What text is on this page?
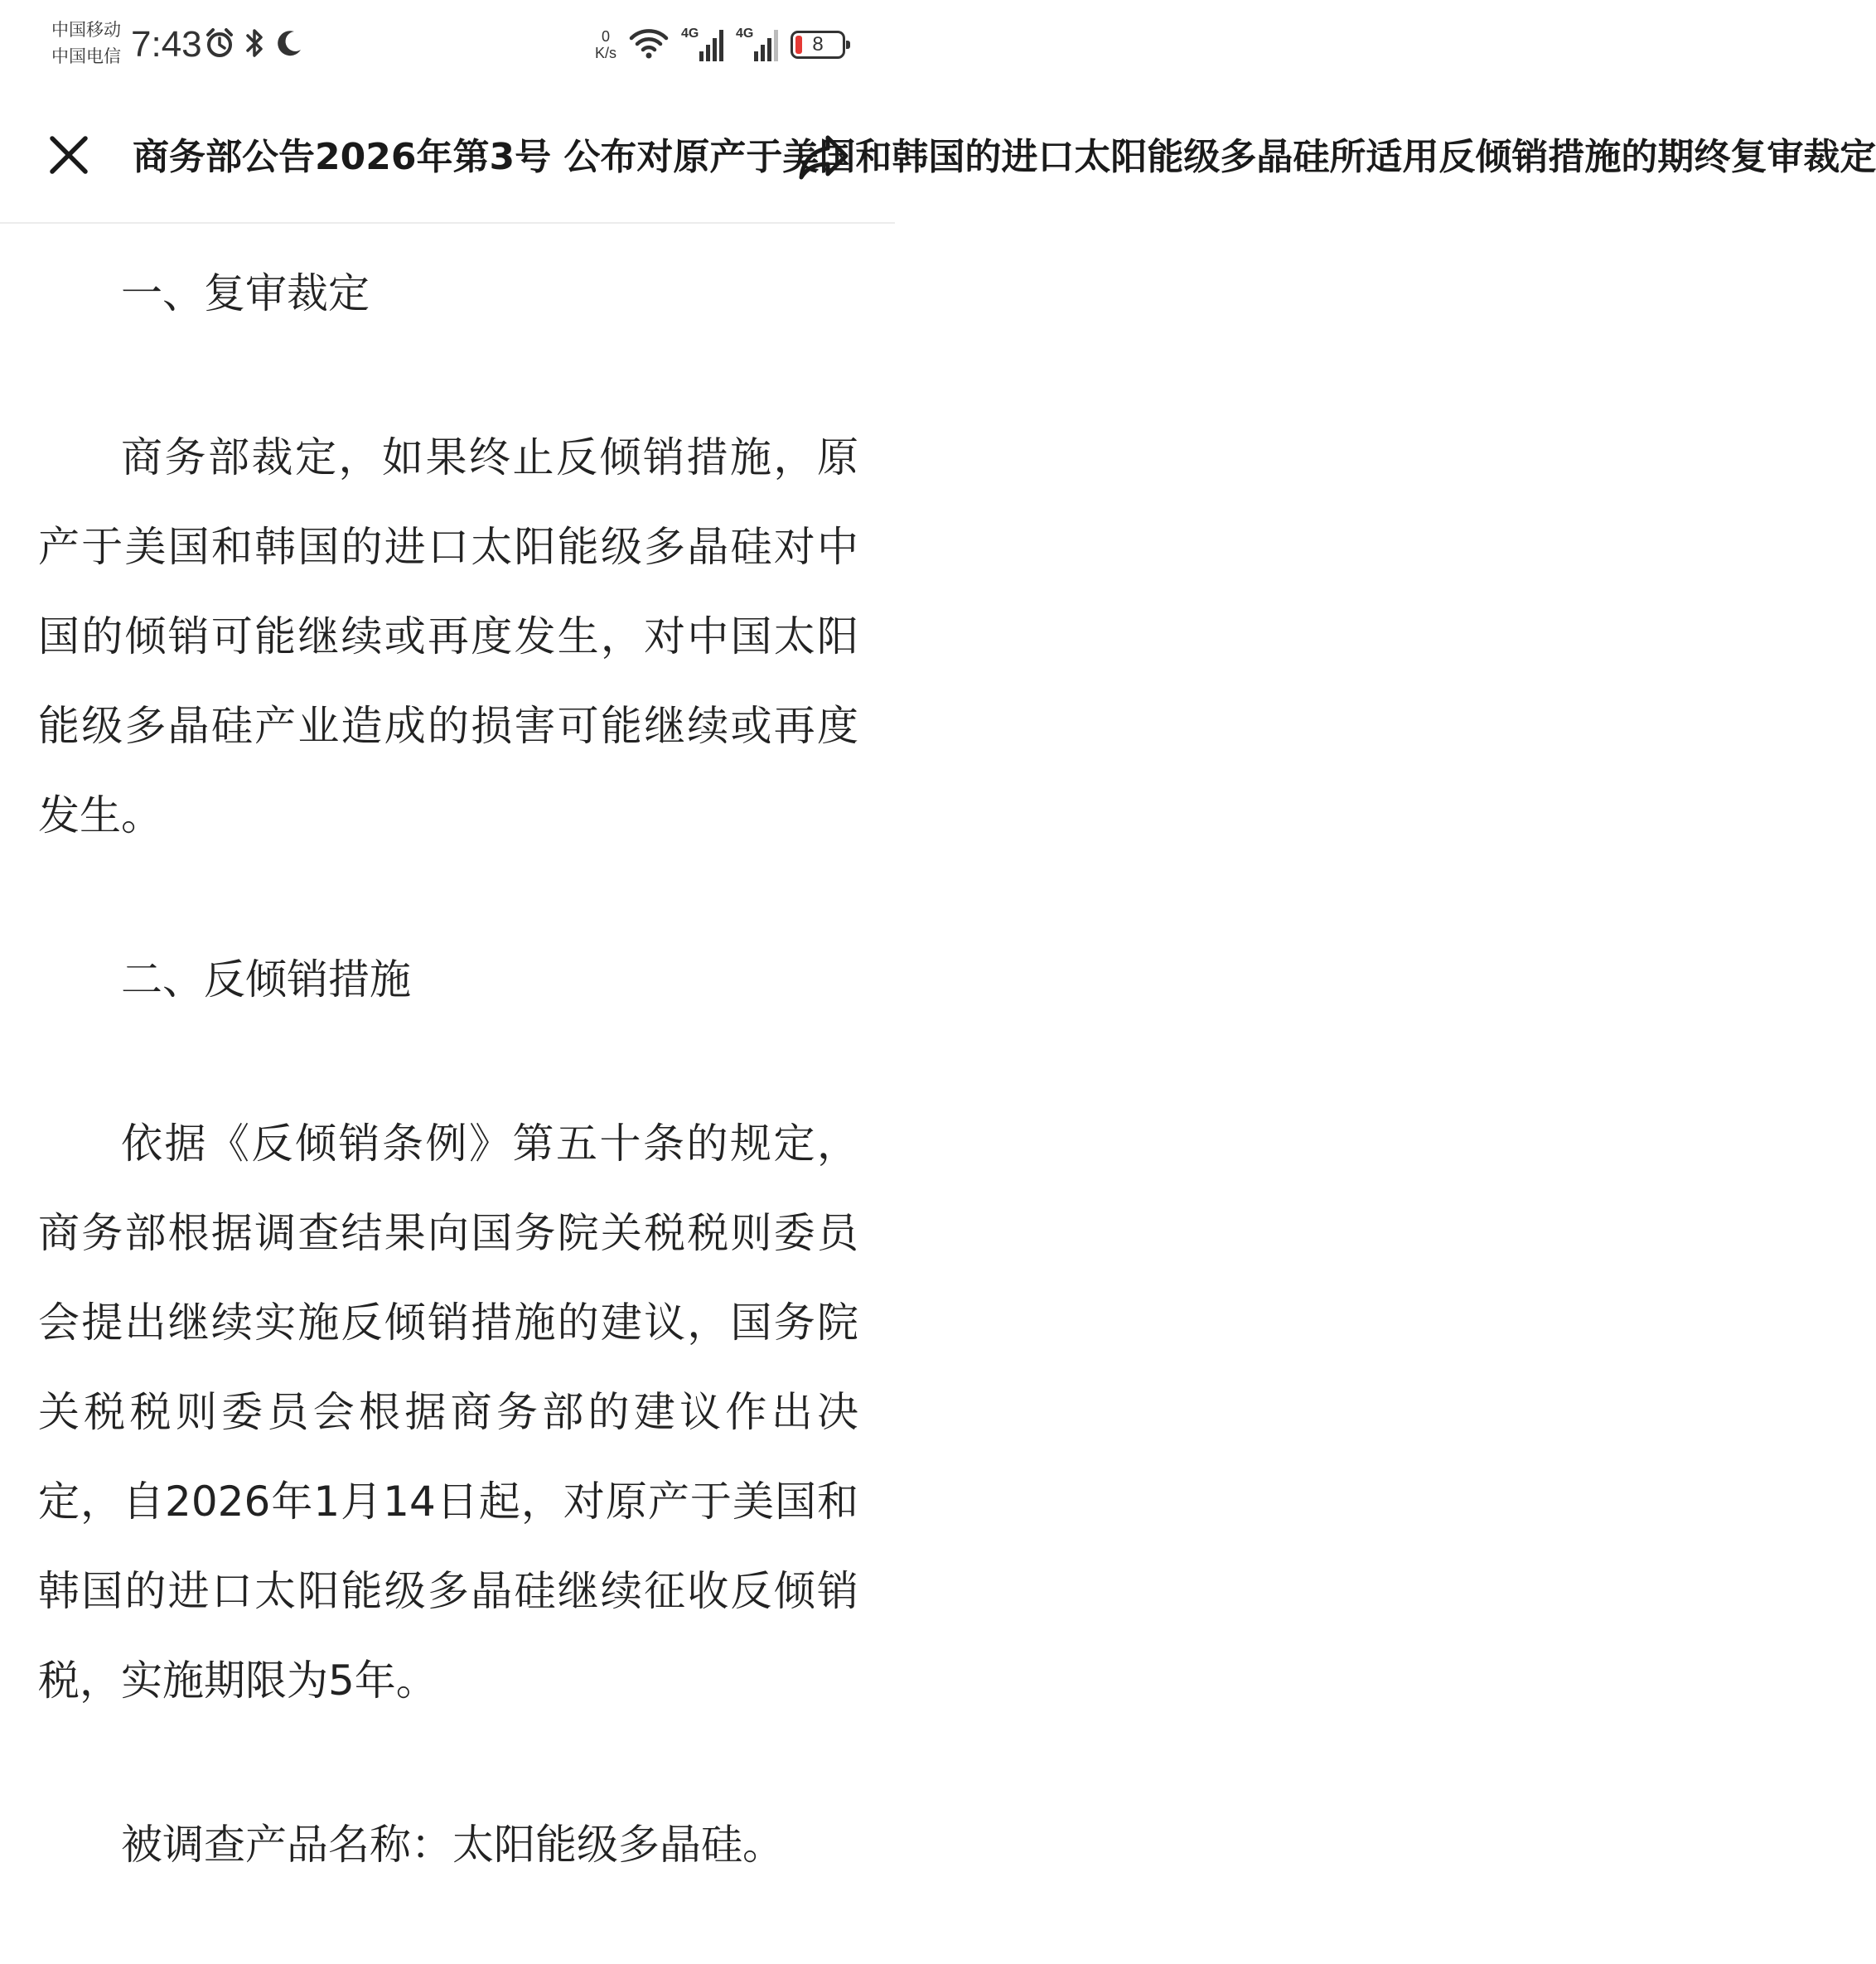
中国移动
中国电信 7:43	0
K/s
4G	4G	8
商务部公告2026年第3号 公布对原产于美国和韩国的进口太阳能级多晶硅所适用反倾销措施的期终复审裁定

一、复审裁定

商务部裁定，如果终止反倾销措施，原产于美国和韩国的进口太阳能级多晶硅对中国的倾销可能继续或再度发生，对中国太阳能级多晶硅产业造成的损害可能继续或再度发生。

二、反倾销措施

依据《反倾销条例》第五十条的规定，商务部根据调查结果向国务院关税税则委员会提出继续实施反倾销措施的建议，国务院关税税则委员会根据商务部的建议作出决定，自2026年1月14日起，对原产于美国和韩国的进口太阳能级多晶硅继续征收反倾销税，实施期限为5年。

被调查产品名称：太阳能级多晶硅。
